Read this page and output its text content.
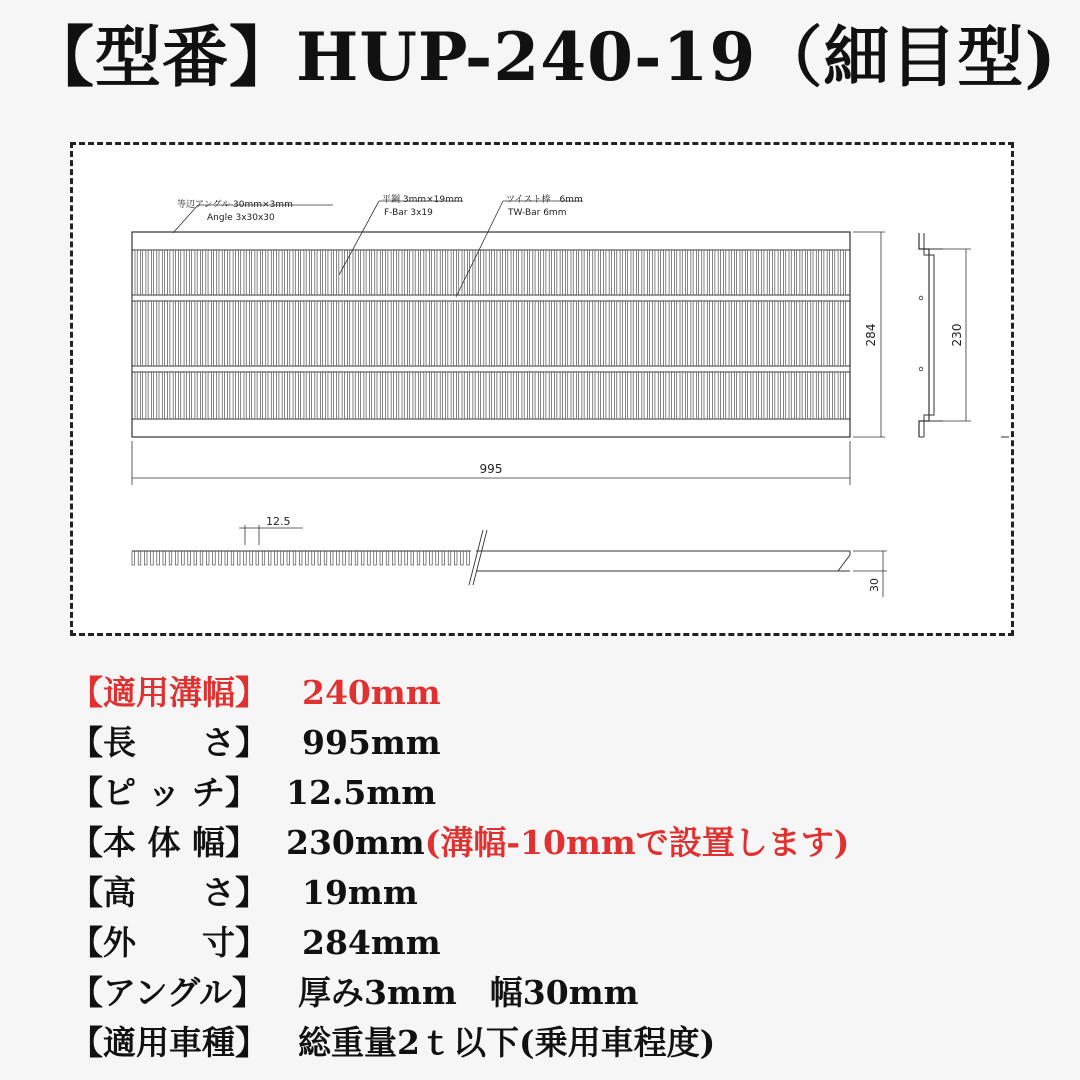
【型番】HUP-240-19（細目型)
等辺アングル 30mm×3mm
Angle 3x30x30
平鋼 3mm×19mm
F-Bar 3x19
ツイスト棒　6mm
TW-Bar 6mm
995
284	230
12.5
30
【適用溝幅】 240mm
【長　　さ】 995mm
【ピ ッ チ】 12.5mm
【本 体 幅】 230mm(溝幅-10mmで設置します)
【高　　さ】 19mm
【外　　寸】 284mm
【アングル】 厚み3mm　幅30mm
【適用車種】 総重量2ｔ以下(乗用車程度)
